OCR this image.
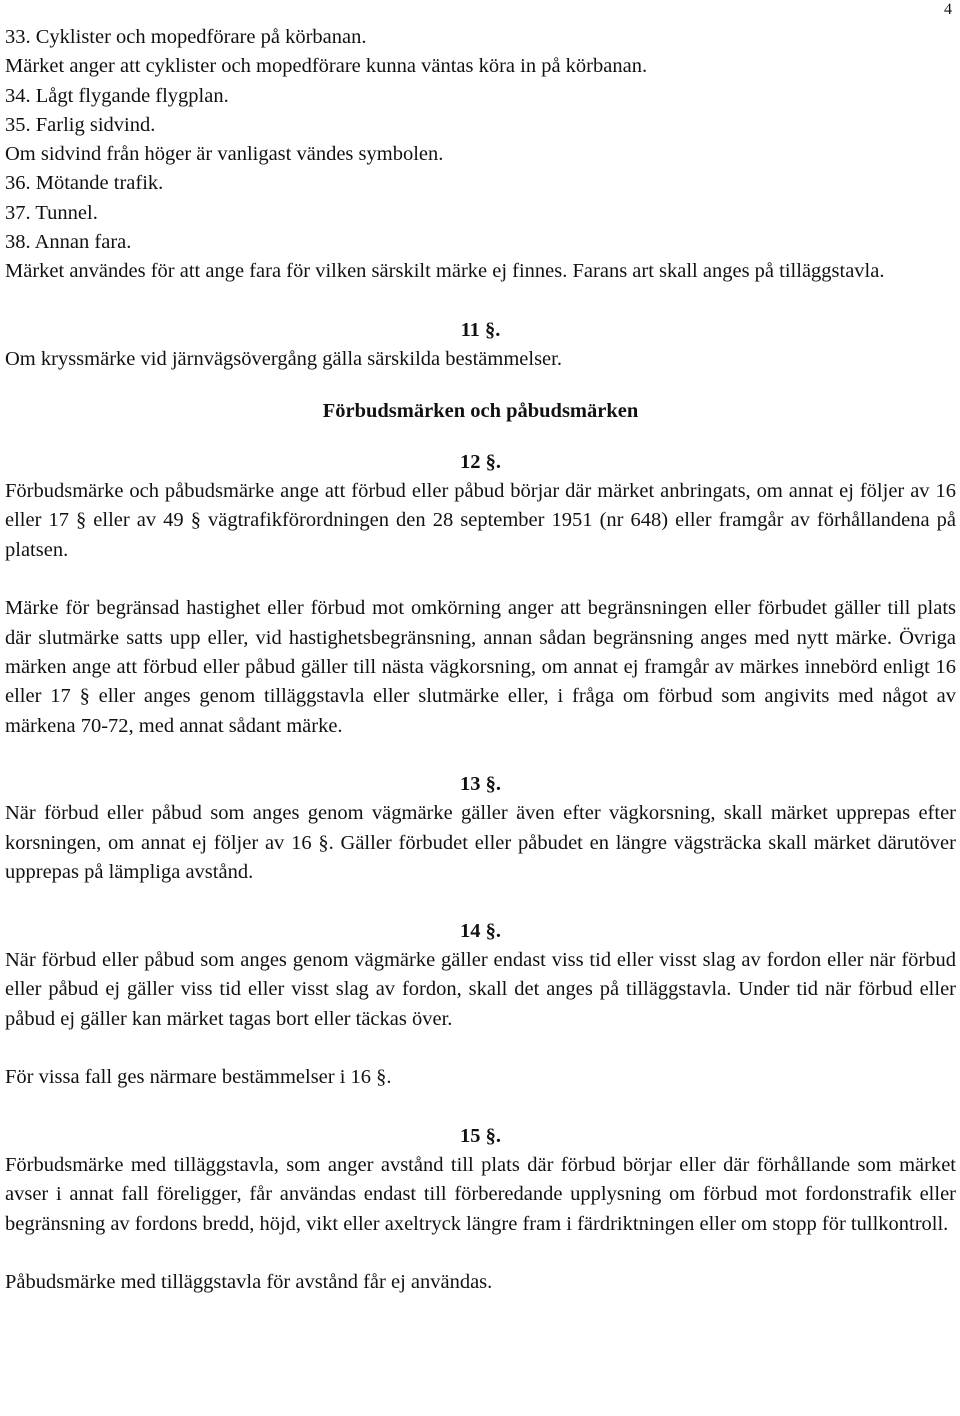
4
33. Cyklister och mopedförare på körbanan.
Märket anger att cyklister och mopedförare kunna väntas köra in på körbanan.
34. Lågt flygande flygplan.
35. Farlig sidvind.
Om sidvind från höger är vanligast vändes symbolen.
36. Mötande trafik.
37. Tunnel.
38. Annan fara.
Märket användes för att ange fara för vilken särskilt märke ej finnes. Farans art skall anges på tilläggstavla.
11 §.
Om kryssmärke vid järnvägsövergång gälla särskilda bestämmelser.
Förbudsmärken och påbudsmärken
12 §.
Förbudsmärke och påbudsmärke ange att förbud eller påbud börjar där märket anbringats, om annat ej följer av 16 eller 17 § eller av 49 § vägtrafikförordningen den 28 september 1951 (nr 648) eller framgår av förhållandena på platsen.
Märke för begränsad hastighet eller förbud mot omkörning anger att begränsningen eller förbudet gäller till plats där slutmärke satts upp eller, vid hastighetsbegränsning, annan sådan begränsning anges med nytt märke. Övriga märken ange att förbud eller påbud gäller till nästa vägkorsning, om annat ej framgår av märkes innebörd enligt 16 eller 17 § eller anges genom tilläggstavla eller slutmärke eller, i fråga om förbud som angivits med något av märkena 70-72, med annat sådant märke.
13 §.
När förbud eller påbud som anges genom vägmärke gäller även efter vägkorsning, skall märket upprepas efter korsningen, om annat ej följer av 16 §. Gäller förbudet eller påbudet en längre vägsträcka skall märket därutöver upprepas på lämpliga avstånd.
14 §.
När förbud eller påbud som anges genom vägmärke gäller endast viss tid eller visst slag av fordon eller när förbud eller påbud ej gäller viss tid eller visst slag av fordon, skall det anges på tilläggstavla. Under tid när förbud eller påbud ej gäller kan märket tagas bort eller täckas över.
För vissa fall ges närmare bestämmelser i 16 §.
15 §.
Förbudsmärke med tilläggstavla, som anger avstånd till plats där förbud börjar eller där förhållande som märket avser i annat fall föreligger, får användas endast till förberedande upplysning om förbud mot fordonstrafik eller begränsning av fordons bredd, höjd, vikt eller axeltryck längre fram i färdriktningen eller om stopp för tullkontroll.
Påbudsmärke med tilläggstavla för avstånd får ej användas.
